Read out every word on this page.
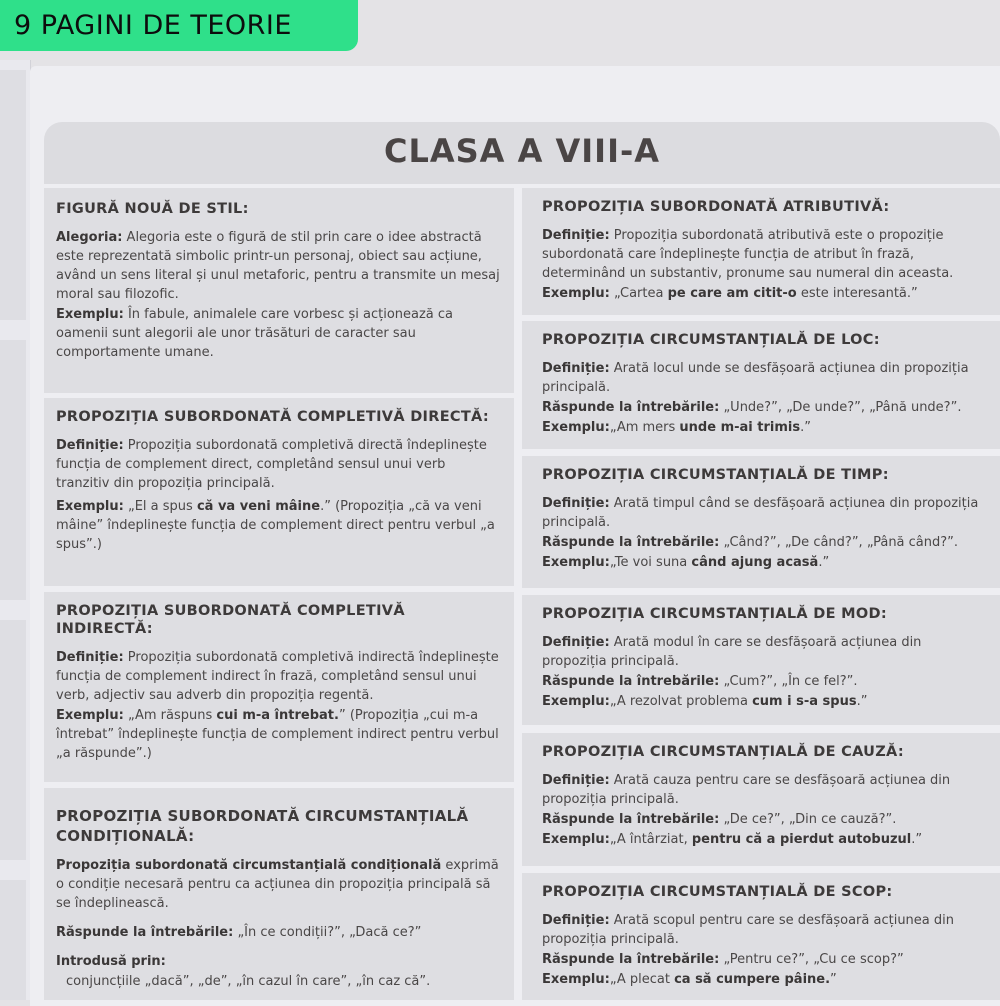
9 PAGINI DE TEORIE
CLASA A VIII-A
FIGURĂ NOUĂ DE STIL:

Alegoria: Alegoria este o figură de stil prin care o idee abstractă este reprezentată simbolic printr-un personaj, obiect sau acțiune, având un sens literal și unul metaforic, pentru a transmite un mesaj moral sau filozofic.

Exemplu: În fabule, animalele care vorbesc și acționează ca oamenii sunt alegorii ale unor trăsături de caracter sau comportamente umane.

PROPOZIȚIA SUBORDONATĂ COMPLETIVĂ DIRECTĂ:

Definiție: Propoziția subordonată completivă directă îndeplinește funcția de complement direct, completând sensul unui verb tranzitiv din propoziția principală.

Exemplu: „El a spus că va veni mâine.” (Propoziția „că va veni mâine” îndeplinește funcția de complement direct pentru verbul „a spus”.)

PROPOZIȚIA SUBORDONATĂ COMPLETIVĂ INDIRECTĂ:

Definiție: Propoziția subordonată completivă indirectă îndeplinește funcția de complement indirect în frază, completând sensul unui verb, adjectiv sau adverb din propoziția regentă.

Exemplu: „Am răspuns cui m-a întrebat.” (Propoziția „cui m-a întrebat” îndeplinește funcția de complement indirect pentru verbul „a răspunde”.)

PROPOZIȚIA SUBORDONATĂ CIRCUMSTANȚIALĂ CONDIȚIONALĂ:

Propoziția subordonată circumstanțială condițională exprimă o condiție necesară pentru ca acțiunea din propoziția principală să se îndeplinească.

Răspunde la întrebările: „În ce condiții?”, „Dacă ce?”

Introdusă prin:

conjuncțiile „dacă”, „de”, „în cazul în care”, „în caz că”.

PROPOZIȚIA SUBORDONATĂ ATRIBUTIVĂ:

Definiție: Propoziția subordonată atributivă este o propoziție subordonată care îndeplinește funcția de atribut în frază, determinând un substantiv, pronume sau numeral din aceasta.

Exemplu: „Cartea pe care am citit-o este interesantă.”

PROPOZIȚIA CIRCUMSTANȚIALĂ DE LOC:

Definiție: Arată locul unde se desfășoară acțiunea din propoziția principală.

Răspunde la întrebările: „Unde?”, „De unde?”, „Până unde?”.

Exemplu:„Am mers unde m-ai trimis.”

PROPOZIȚIA CIRCUMSTANȚIALĂ DE TIMP:

Definiție: Arată timpul când se desfășoară acțiunea din propoziția principală.

Răspunde la întrebările: „Când?”, „De când?”, „Până când?”.

Exemplu:„Te voi suna când ajung acasă.”

PROPOZIȚIA CIRCUMSTANȚIALĂ DE MOD:

Definiție: Arată modul în care se desfășoară acțiunea din propoziția principală.

Răspunde la întrebările: „Cum?”, „În ce fel?”.

Exemplu:„A rezolvat problema cum i s-a spus.”

PROPOZIȚIA CIRCUMSTANȚIALĂ DE CAUZĂ:

Definiție: Arată cauza pentru care se desfășoară acțiunea din propoziția principală.

Răspunde la întrebările: „De ce?”, „Din ce cauză?”.

Exemplu:„A întârziat, pentru că a pierdut autobuzul.”

PROPOZIȚIA CIRCUMSTANȚIALĂ DE SCOP:

Definiție: Arată scopul pentru care se desfășoară acțiunea din propoziția principală.

Răspunde la întrebările: „Pentru ce?”, „Cu ce scop?”

Exemplu:„A plecat ca să cumpere pâine.”
